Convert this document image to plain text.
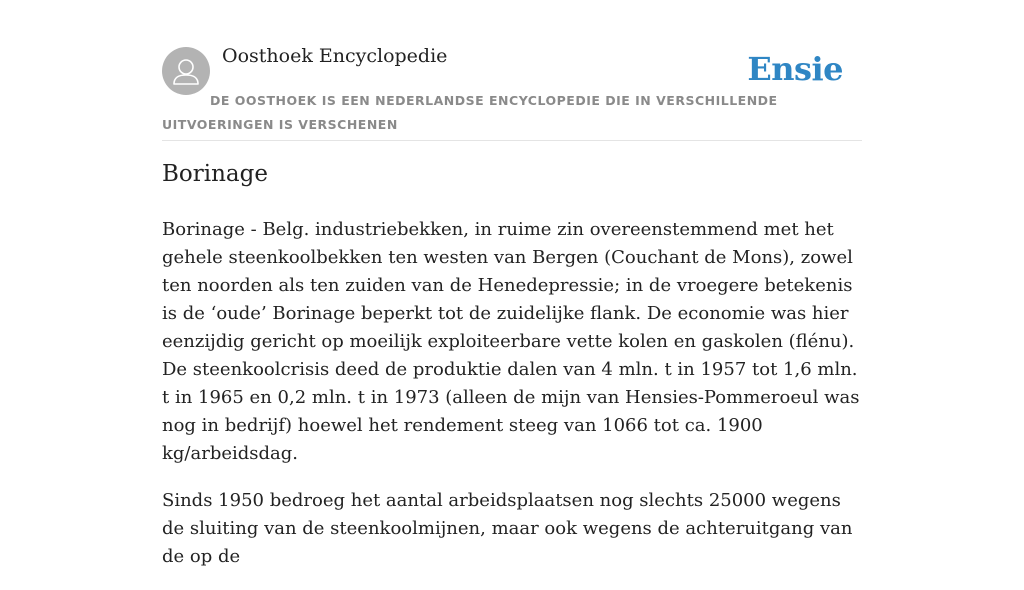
Oosthoek Encyclopedie	Ensie
DE OOSTHOEK IS EEN NEDERLANDSE ENCYCLOPEDIE DIE IN VERSCHILLENDE UITVOERINGEN IS VERSCHENEN
Borinage

Borinage - Belg. industriebekken, in ruime zin overeenstemmend met het gehele steenkoolbekken ten westen van Bergen (Couchant de Mons), zowel ten noorden als ten zuiden van de Henedepressie; in de vroegere betekenis is de ‘oude’ Borinage beperkt tot de zuidelijke flank. De economie was hier eenzijdig gericht op moeilijk exploiteerbare vette kolen en gaskolen (flénu). De steenkoolcrisis deed de produktie dalen van 4 mln. t in 1957 tot 1,6 mln. t in 1965 en 0,2 mln. t in 1973 (alleen de mijn van Hensies-Pommeroeul was nog in bedrijf) hoewel het rendement steeg van 1066 tot ca. 1900 kg/arbeidsdag.

Sinds 1950 bedroeg het aantal arbeidsplaatsen nog slechts 25000 wegens de sluiting van de steenkoolmijnen, maar ook wegens de achteruitgang van de op de
